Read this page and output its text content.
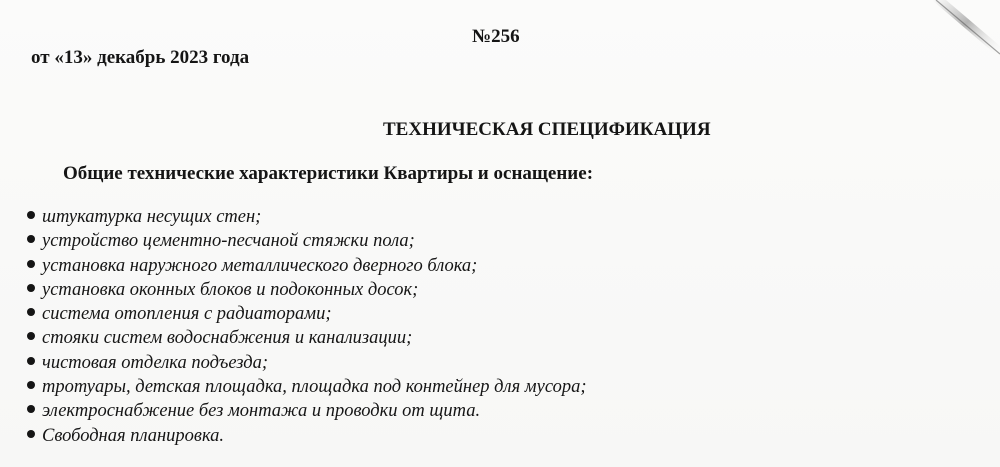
№256
от «13» декабрь 2023 года
ТЕХНИЧЕСКАЯ СПЕЦИФИКАЦИЯ
Общие технические характеристики Квартиры и оснащение:
штукатурка несущих стен;
устройство цементно-песчаной стяжки пола;
установка наружного металлического дверного блока;
установка оконных блоков и подоконных досок;
система отопления с радиаторами;
стояки систем водоснабжения и канализации;
чистовая отделка подъезда;
тротуары, детская площадка, площадка под контейнер для мусора;
электроснабжение без монтажа и проводки от щита.
Свободная планировка.
